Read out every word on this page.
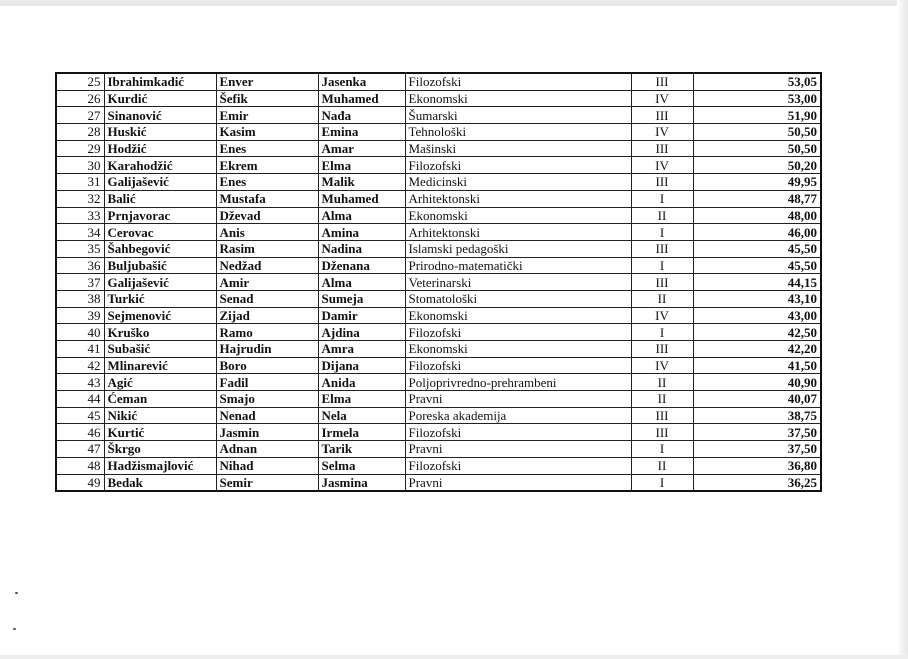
25	Ibrahimkadić	Enver	Jasenka	Filozofski	III	53,05
26	Kurdić	Šefik	Muhamed	Ekonomski	IV	53,00
27	Sinanović	Emir	Nađa	Šumarski	III	51,90
28	Huskić	Kasim	Emina	Tehnološki	IV	50,50
29	Hodžić	Enes	Amar	Mašinski	III	50,50
30	Karahodžić	Ekrem	Elma	Filozofski	IV	50,20
31	Galijašević	Enes	Malik	Medicinski	III	49,95
32	Balić	Mustafa	Muhamed	Arhitektonski	I	48,77
33	Prnjavorac	Dževad	Alma	Ekonomski	II	48,00
34	Cerovac	Anis	Amina	Arhitektonski	I	46,00
35	Šahbegović	Rasim	Nadina	Islamski pedagoški	III	45,50
36	Buljubašić	Nedžad	Dženana	Prirodno-matematički	I	45,50
37	Galijašević	Amir	Alma	Veterinarski	III	44,15
38	Turkić	Senad	Sumeja	Stomatološki	II	43,10
39	Sejmenović	Zijad	Damir	Ekonomski	IV	43,00
40	Kruško	Ramo	Ajdina	Filozofski	I	42,50
41	Subašić	Hajrudin	Amra	Ekonomski	III	42,20
42	Mlinarević	Boro	Dijana	Filozofski	IV	41,50
43	Agić	Fadil	Anida	Poljoprivredno-prehrambeni	II	40,90
44	Ćeman	Smajo	Elma	Pravni	II	40,07
45	Nikić	Nenad	Nela	Poreska akademija	III	38,75
46	Kurtić	Jasmin	Irmela	Filozofski	III	37,50
47	Škrgo	Adnan	Tarik	Pravni	I	37,50
48	Hadžismajlović	Nihad	Selma	Filozofski	II	36,80
49	Bedak	Semir	Jasmina	Pravni	I	36,25
